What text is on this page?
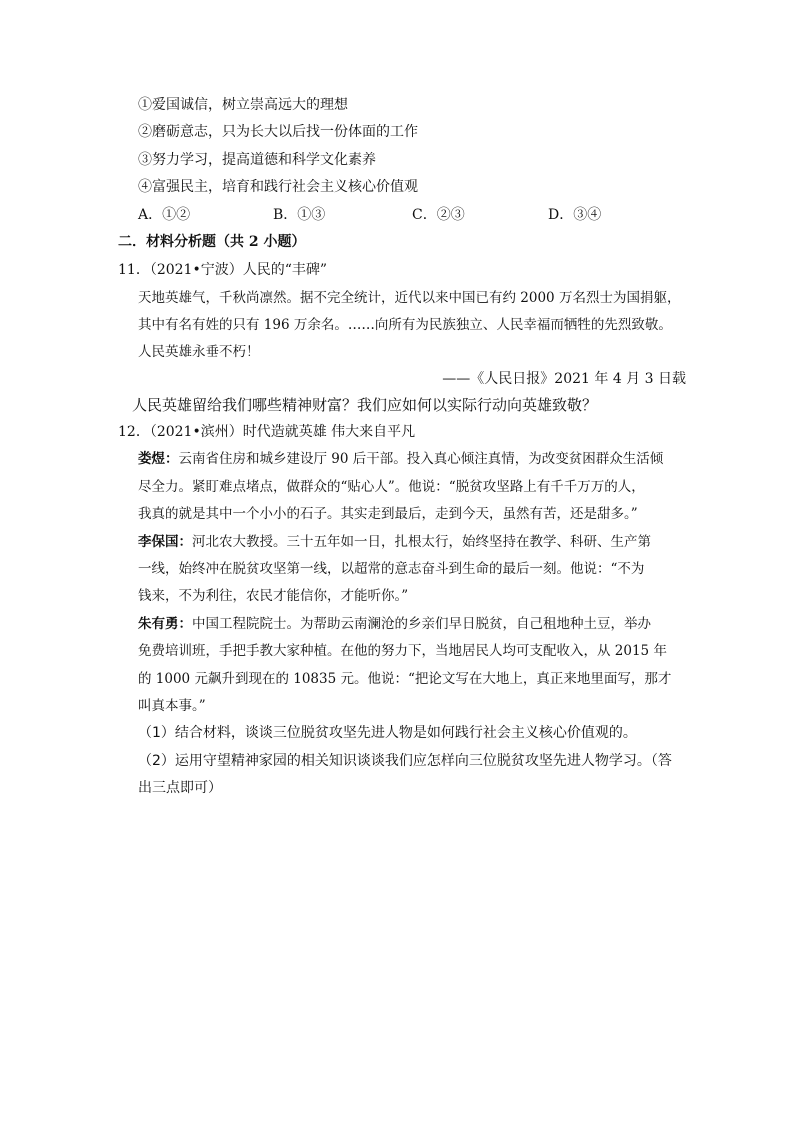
①爱国诚信，树立崇高远大的理想
②磨砺意志，只为长大以后找一份体面的工作
③努力学习，提高道德和科学文化素养
④富强民主，培育和践行社会主义核心价值观
A．①②	B．①③	C．②③	D．③④
二．材料分析题（共 2 小题）
11．（2021•宁波）人民的“丰碑”
天地英雄气，千秋尚凛然。据不完全统计，近代以来中国已有约 2000 万名烈士为国捐躯，
其中有名有姓的只有 196 万余名。……向所有为民族独立、人民幸福而牺牲的先烈致敬。
人民英雄永垂不朽！
——《人民日报》2021 年 4 月 3 日载
人民英雄留给我们哪些精神财富？我们应如何以实际行动向英雄致敬？
12．（2021•滨州）时代造就英雄 伟大来自平凡
娄煜：云南省住房和城乡建设厅 90 后干部。投入真心倾注真情，为改变贫困群众生活倾
尽全力。紧盯难点堵点，做群众的“贴心人”。他说：“脱贫攻坚路上有千千万万的人，
我真的就是其中一个小小的石子。其实走到最后，走到今天，虽然有苦，还是甜多。”
李保国：河北农大教授。三十五年如一日，扎根太行，始终坚持在教学、科研、生产第
一线，始终冲在脱贫攻坚第一线，以超常的意志奋斗到生命的最后一刻。他说：“不为
钱来，不为利往，农民才能信你，才能听你。”
朱有勇：中国工程院院士。为帮助云南澜沧的乡亲们早日脱贫，自己租地种土豆，举办
免费培训班，手把手教大家种植。在他的努力下，当地居民人均可支配收入，从 2015 年
的 1000 元飙升到现在的 10835 元。他说：“把论文写在大地上，真正来地里面写，那才
叫真本事。”
（1）结合材料，谈谈三位脱贫攻坚先进人物是如何践行社会主义核心价值观的。
（2）运用守望精神家园的相关知识谈谈我们应怎样向三位脱贫攻坚先进人物学习。（答
出三点即可）
